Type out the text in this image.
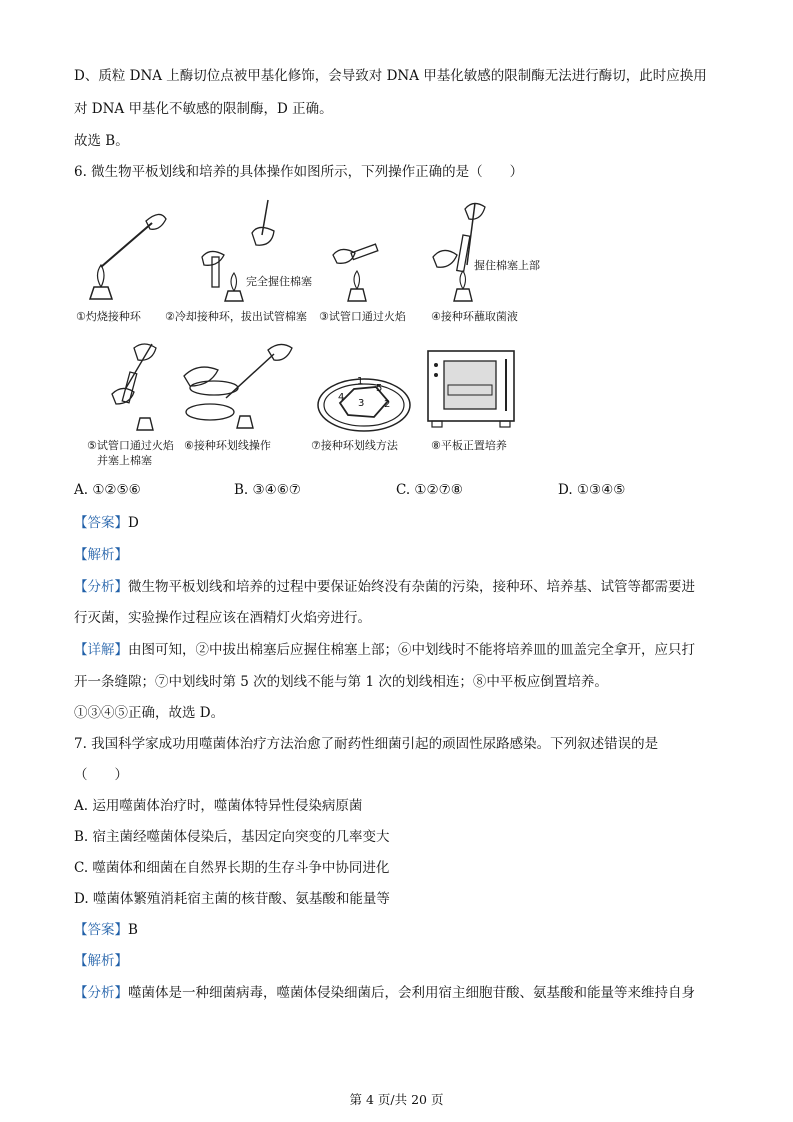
D、质粒 DNA 上酶切位点被甲基化修饰，会导致对 DNA 甲基化敏感的限制酶无法进行酶切，此时应换用
对 DNA 甲基化不敏感的限制酶，D 正确。
故选 B。
6. 微生物平板划线和培养的具体操作如图所示，下列操作正确的是（　　）
完全握住棉塞
握住棉塞上部
①灼烧接种环 ②冷却接种环，拔出试管棉塞 ③试管口通过火焰 ④接种环蘸取菌液
1
4
3
5
2
⑤试管口通过火焰
并塞上棉塞
⑥接种环划线操作	⑦接种环划线方法	⑧平板正置培养
A. ①②⑤⑥	B. ③④⑥⑦	C. ①②⑦⑧	D. ①③④⑤
【答案】D
【解析】
【分析】微生物平板划线和培养的过程中要保证始终没有杂菌的污染，接种环、培养基、试管等都需要进
行灭菌，实验操作过程应该在酒精灯火焰旁进行。
【详解】由图可知，②中拔出棉塞后应握住棉塞上部；⑥中划线时不能将培养皿的皿盖完全拿开，应只打
开一条缝隙；⑦中划线时第 5 次的划线不能与第 1 次的划线相连；⑧中平板应倒置培养。
①③④⑤正确，故选 D。
7. 我国科学家成功用噬菌体治疗方法治愈了耐药性细菌引起的顽固性尿路感染。下列叙述错误的是
（　　）
A. 运用噬菌体治疗时，噬菌体特异性侵染病原菌
B. 宿主菌经噬菌体侵染后，基因定向突变的几率变大
C. 噬菌体和细菌在自然界长期的生存斗争中协同进化
D. 噬菌体繁殖消耗宿主菌的核苷酸、氨基酸和能量等
【答案】B
【解析】
【分析】噬菌体是一种细菌病毒，噬菌体侵染细菌后，会利用宿主细胞苷酸、氨基酸和能量等来维持自身
第 4 页/共 20 页
